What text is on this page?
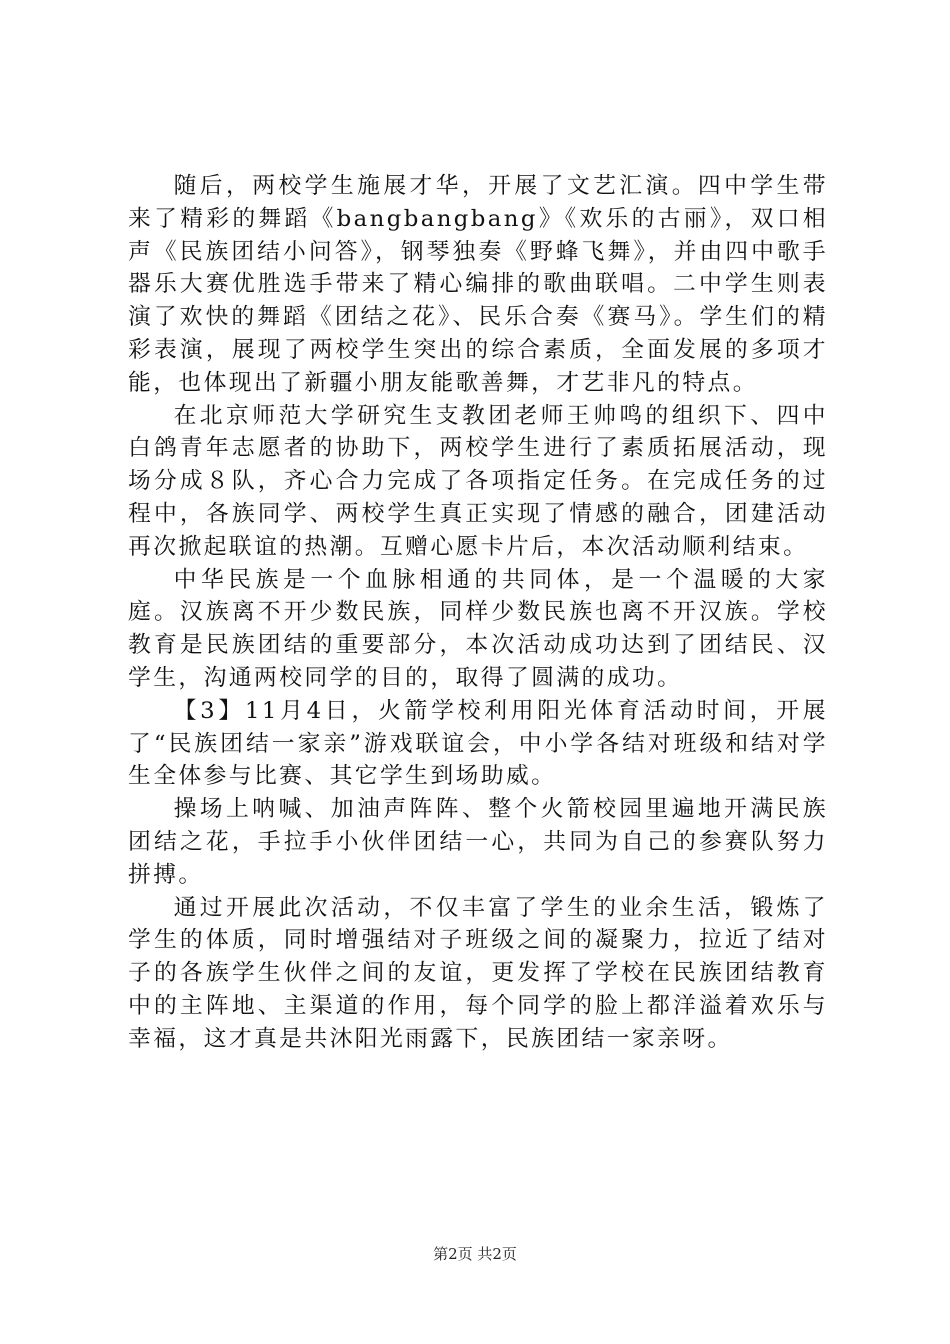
随后，两校学生施展才华，开展了文艺汇演。四中学生带来了精彩的舞蹈《bangbangbang》《欢乐的古丽》，双口相声《民族团结小问答》，钢琴独奏《野蜂飞舞》，并由四中歌手器乐大赛优胜选手带来了精心编排的歌曲联唱。二中学生则表演了欢快的舞蹈《团结之花》、民乐合奏《赛马》。学生们的精彩表演，展现了两校学生突出的综合素质，全面发展的多项才能，也体现出了新疆小朋友能歌善舞，才艺非凡的特点。

在北京师范大学研究生支教团老师王帅鸣的组织下、四中白鸽青年志愿者的协助下，两校学生进行了素质拓展活动，现场分成８队，齐心合力完成了各项指定任务。在完成任务的过程中，各族同学、两校学生真正实现了情感的融合，团建活动再次掀起联谊的热潮。互赠心愿卡片后，本次活动顺利结束。

中华民族是一个血脉相通的共同体，是一个温暖的大家庭。汉族离不开少数民族，同样少数民族也离不开汉族。学校教育是民族团结的重要部分，本次活动成功达到了团结民、汉学生，沟通两校同学的目的，取得了圆满的成功。

【3】11月4日，火箭学校利用阳光体育活动时间，开展了“民族团结一家亲”游戏联谊会，中小学各结对班级和结对学生全体参与比赛、其它学生到场助威。

操场上呐喊、加油声阵阵、整个火箭校园里遍地开满民族团结之花，手拉手小伙伴团结一心，共同为自己的参赛队努力拼搏。

通过开展此次活动，不仅丰富了学生的业余生活，锻炼了学生的体质，同时增强结对子班级之间的凝聚力，拉近了结对子的各族学生伙伴之间的友谊，更发挥了学校在民族团结教育中的主阵地、主渠道的作用，每个同学的脸上都洋溢着欢乐与幸福，这才真是共沐阳光雨露下，民族团结一家亲呀。

第2页 共2页
